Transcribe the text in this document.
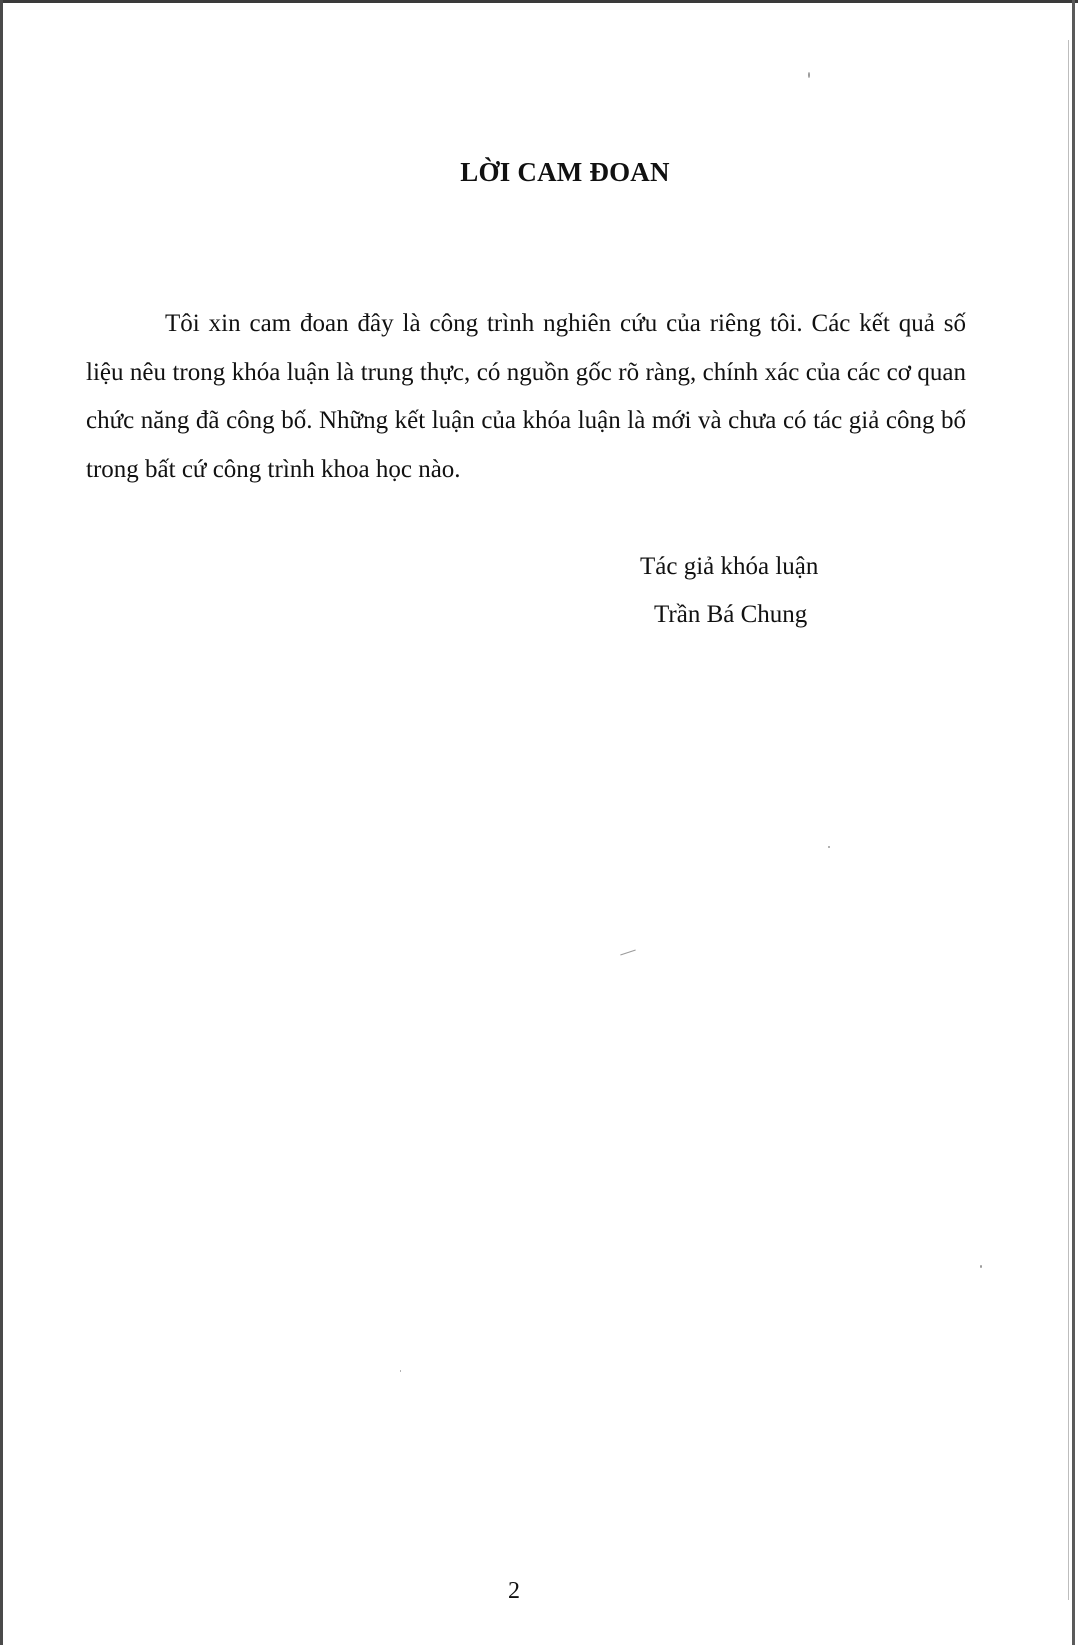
LỜI CAM ĐOAN

Tôi xin cam đoan đây là công trình nghiên cứu của riêng tôi. Các kết quả số liệu nêu trong khóa luận là trung thực, có nguồn gốc rõ ràng, chính xác của các cơ quan chức năng đã công bố. Những kết luận của khóa luận là mới và chưa có tác giả công bố trong bất cứ công trình khoa học nào.

Tác giả khóa luận
Trần Bá Chung
2
